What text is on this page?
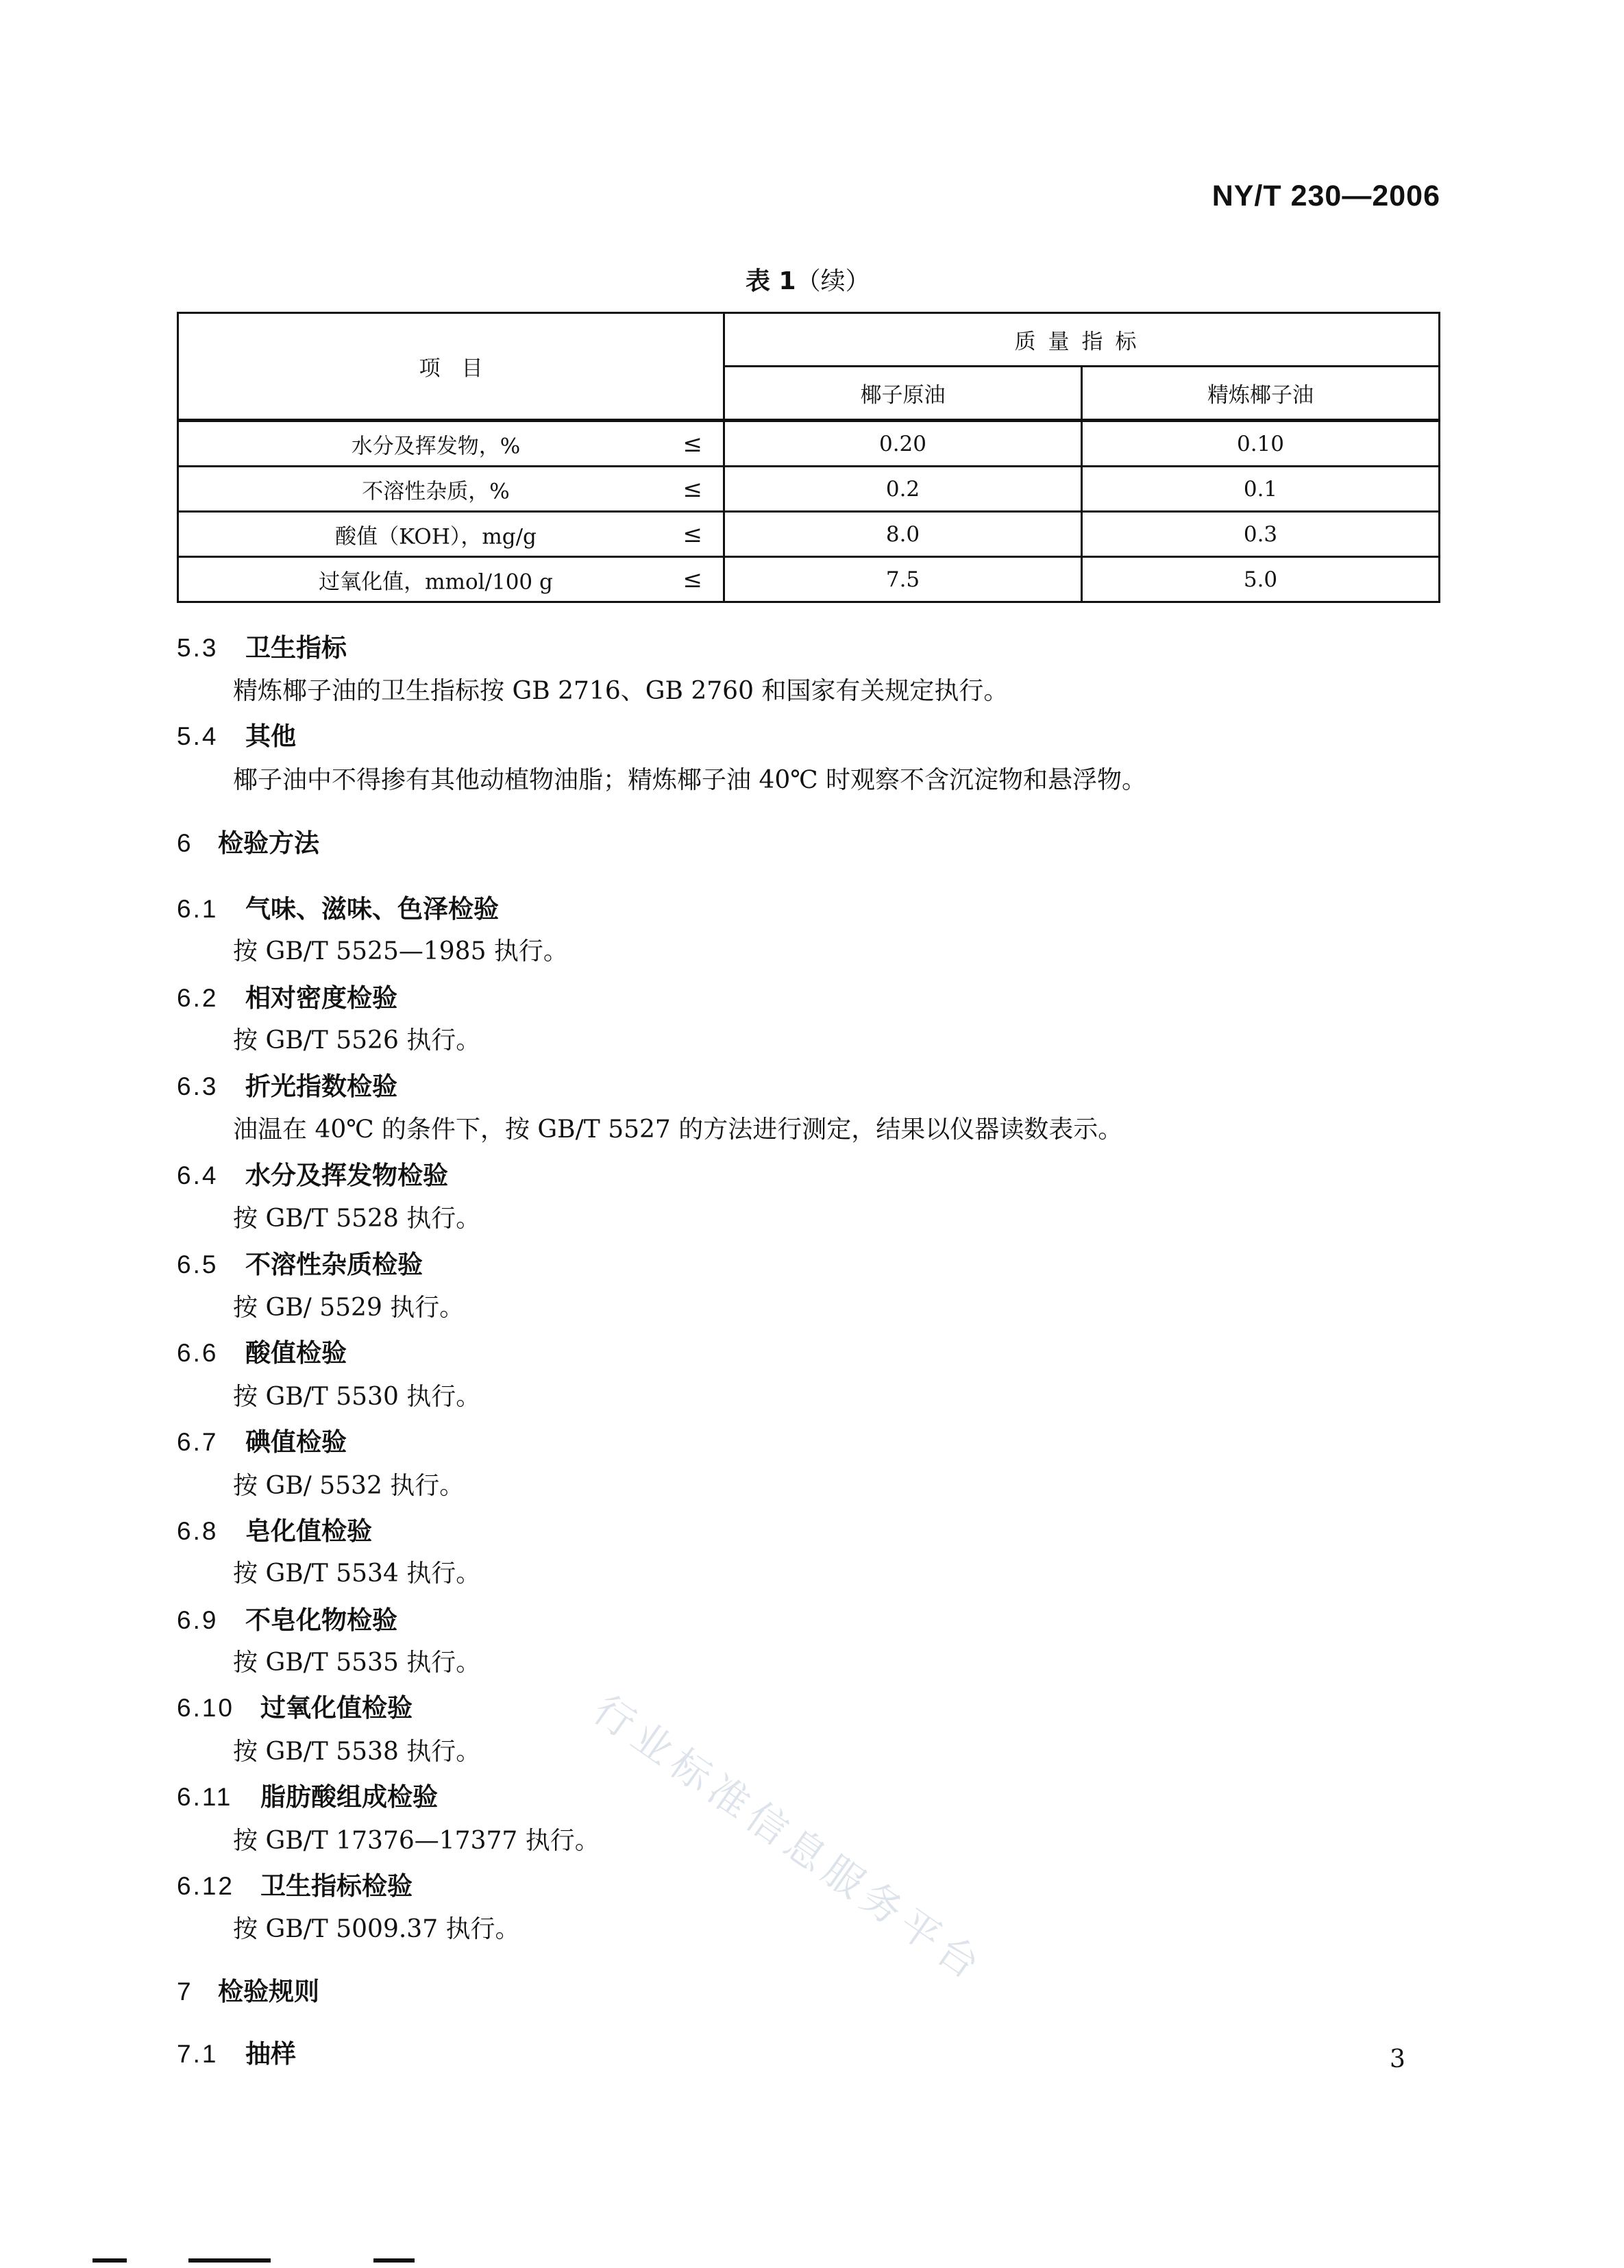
NY/T 230—2006
表 1（续）
项　目	质量指标	
	椰子原油	精炼椰子油

水分及挥发物，% ≤	0.20	0.10

不溶性杂质，% ≤	0.2	0.1

酸值（KOH），mg/g ≤	8.0	0.3

过氧化值，mmol/100 g ≤	7.5	5.0
5.3 卫生指标
精炼椰子油的卫生指标按 GB 2716、GB 2760 和国家有关规定执行。
5.4 其他
椰子油中不得掺有其他动植物油脂；精炼椰子油 40℃ 时观察不含沉淀物和悬浮物。
6 检验方法
6.1 气味、滋味、色泽检验
按 GB/T 5525—1985 执行。
6.2 相对密度检验
按 GB/T 5526 执行。
6.3 折光指数检验
油温在 40℃ 的条件下，按 GB/T 5527 的方法进行测定，结果以仪器读数表示。
6.4 水分及挥发物检验
按 GB/T 5528 执行。
6.5 不溶性杂质检验
按 GB/ 5529 执行。
6.6 酸值检验
按 GB/T 5530 执行。
6.7 碘值检验
按 GB/ 5532 执行。
6.8 皂化值检验
按 GB/T 5534 执行。
6.9 不皂化物检验
按 GB/T 5535 执行。
6.10 过氧化值检验
按 GB/T 5538 执行。
6.11 脂肪酸组成检验
按 GB/T 17376—17377 执行。
6.12 卫生指标检验
按 GB/T 5009.37 执行。
7 检验规则
7.1 抽样
行业标准信息服务平台
3
